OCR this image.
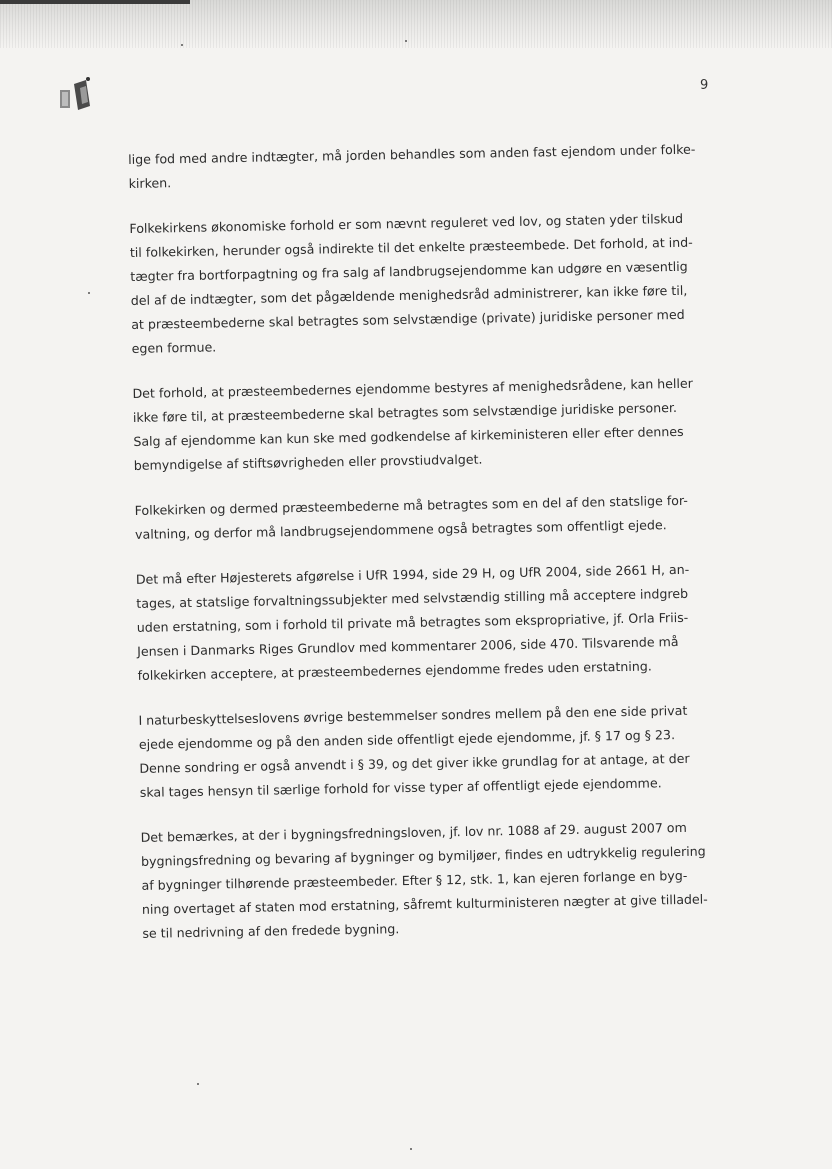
9
lige fod med andre indtægter, må jorden behandles som anden fast ejendom under folke-
kirken.
Folkekirkens økonomiske forhold er som nævnt reguleret ved lov, og staten yder tilskud
til folkekirken, herunder også indirekte til det enkelte præsteembede. Det forhold, at ind-
tægter fra bortforpagtning og fra salg af landbrugsejendomme kan udgøre en væsentlig
del af de indtægter, som det pågældende menighedsråd administrerer, kan ikke føre til,
at præsteembederne skal betragtes som selvstændige (private) juridiske personer med
egen formue.
Det forhold, at præsteembedernes ejendomme bestyres af menighedsrådene, kan heller
ikke føre til, at præsteembederne skal betragtes som selvstændige juridiske personer.
Salg af ejendomme kan kun ske med godkendelse af kirkeministeren eller efter dennes
bemyndigelse af stiftsøvrigheden eller provstiudvalget.
Folkekirken og dermed præsteembederne må betragtes som en del af den statslige for-
valtning, og derfor må landbrugsejendommene også betragtes som offentligt ejede.
Det må efter Højesterets afgørelse i UfR 1994, side 29 H, og UfR 2004, side 2661 H, an-
tages, at statslige forvaltningssubjekter med selvstændig stilling må acceptere indgreb
uden erstatning, som i forhold til private må betragtes som ekspropriative, jf. Orla Friis-
Jensen i Danmarks Riges Grundlov med kommentarer 2006, side 470. Tilsvarende må
folkekirken acceptere, at præsteembedernes ejendomme fredes uden erstatning.
I naturbeskyttelseslovens øvrige bestemmelser sondres mellem på den ene side privat
ejede ejendomme og på den anden side offentligt ejede ejendomme, jf. § 17 og § 23.
Denne sondring er også anvendt i § 39, og det giver ikke grundlag for at antage, at der
skal tages hensyn til særlige forhold for visse typer af offentligt ejede ejendomme.
Det bemærkes, at der i bygningsfredningsloven, jf. lov nr. 1088 af 29. august 2007 om
bygningsfredning og bevaring af bygninger og bymiljøer, findes en udtrykkelig regulering
af bygninger tilhørende præsteembeder. Efter § 12, stk. 1, kan ejeren forlange en byg-
ning overtaget af staten mod erstatning, såfremt kulturministeren nægter at give tilladel-
se til nedrivning af den fredede bygning.
